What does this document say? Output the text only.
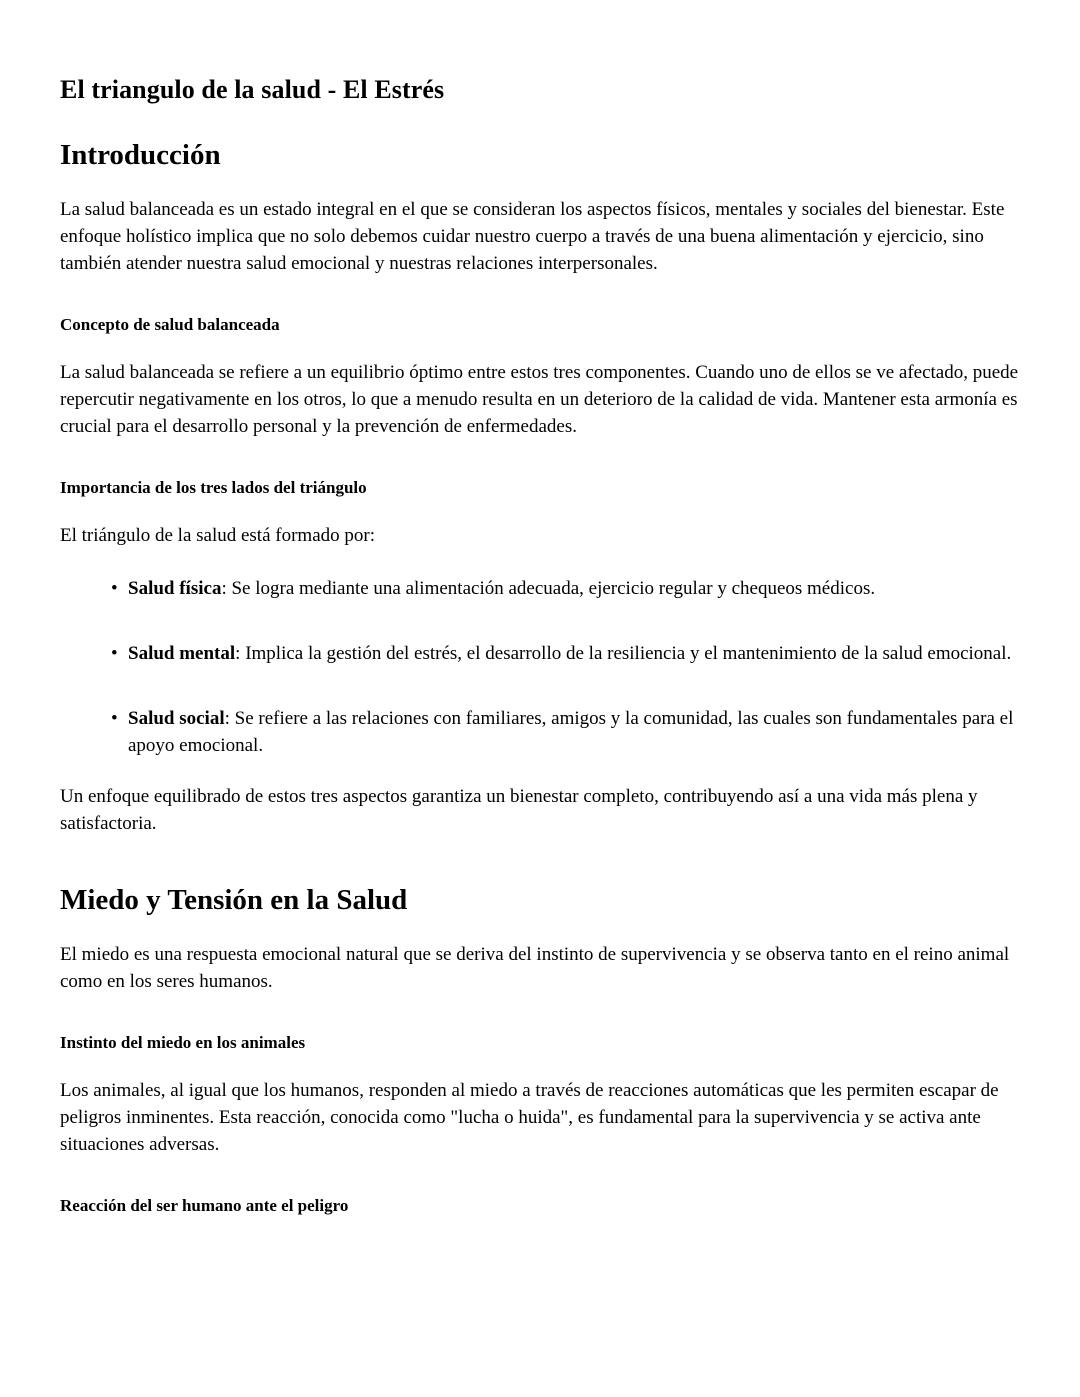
El triangulo de la salud - El Estrés
Introducción

La salud balanceada es un estado integral en el que se consideran los aspectos físicos, mentales y sociales del bienestar. Este enfoque holístico implica que no solo debemos cuidar nuestro cuerpo a través de una buena alimentación y ejercicio, sino también atender nuestra salud emocional y nuestras relaciones interpersonales.

Concepto de salud balanceada

La salud balanceada se refiere a un equilibrio óptimo entre estos tres componentes. Cuando uno de ellos se ve afectado, puede repercutir negativamente en los otros, lo que a menudo resulta en un deterioro de la calidad de vida. Mantener esta armonía es crucial para el desarrollo personal y la prevención de enfermedades.

Importancia de los tres lados del triángulo

El triángulo de la salud está formado por:

• Salud física: Se logra mediante una alimentación adecuada, ejercicio regular y chequeos médicos.
• Salud mental: Implica la gestión del estrés, el desarrollo de la resiliencia y el mantenimiento de la salud emocional.
• Salud social: Se refiere a las relaciones con familiares, amigos y la comunidad, las cuales son fundamentales para el apoyo emocional.

Un enfoque equilibrado de estos tres aspectos garantiza un bienestar completo, contribuyendo así a una vida más plena y satisfactoria.

Miedo y Tensión en la Salud

El miedo es una respuesta emocional natural que se deriva del instinto de supervivencia y se observa tanto en el reino animal como en los seres humanos.

Instinto del miedo en los animales

Los animales, al igual que los humanos, responden al miedo a través de reacciones automáticas que les permiten escapar de peligros inminentes. Esta reacción, conocida como "lucha o huida", es fundamental para la supervivencia y se activa ante situaciones adversas.

Reacción del ser humano ante el peligro
